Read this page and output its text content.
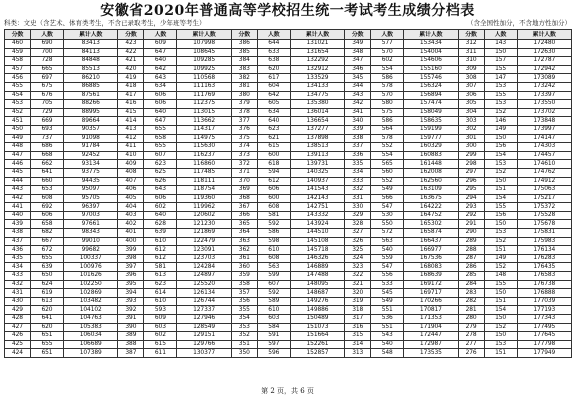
安徽省2020年普通高等学校招生统一考试考生成绩分档表
科类：文史（含艺术、体育类考生，不含已录取考生，少年班等考生）	（含全国性加分，不含地方性加分）
分数	人数	累计人数	分数	人数	累计人数	分数	人数	累计人数	分数	人数	累计人数	分数	人数	累计人数
460	690	83413	423	609	107998	386	644	131021	349	577	153434	312	143	172480
459	700	84113	422	647	108645	385	633	131654	348	570	154004	311	150	172630
458	728	84848	421	640	109285	384	638	132292	347	602	154606	310	157	172787
457	665	85513	420	642	109925	383	620	132912	346	554	155160	309	155	172942
456	697	86210	419	643	110568	382	617	133529	345	586	155746	308	147	173089
455	675	86885	418	634	111163	381	604	134133	344	578	156324	307	153	173242
454	676	87561	417	606	111769	380	642	134775	343	570	156894	306	155	173397
453	705	88266	416	606	112375	379	605	135380	342	580	157474	305	153	173550
452	729	88995	415	640	113015	378	634	136014	341	575	158049	304	152	173702
451	669	89664	414	647	113662	377	640	136654	340	586	158635	303	146	173848
450	693	90357	413	655	114317	376	623	137277	339	564	159199	302	149	173997
449	737	91098	412	658	114975	375	621	137898	338	578	159777	301	150	174147
448	686	91784	411	655	115630	374	615	138513	337	552	160329	300	156	174303
447	668	92452	410	607	116237	373	600	139113	336	554	160883	299	154	174457
446	662	93134	409	623	116860	372	618	139731	335	565	161448	298	153	174610
445	641	93775	408	625	117485	371	594	140325	334	560	162008	297	152	174762
444	660	94435	407	626	118111	370	612	140937	333	552	162560	296	150	174912
443	653	95097	406	643	118754	369	606	141543	332	549	163109	295	151	175063
442	608	95705	405	606	119360	368	600	142143	331	566	163675	294	154	175217
441	692	96397	404	602	119962	367	608	142751	330	547	164222	293	155	175372
440	606	97003	403	640	120602	366	581	143332	329	530	164752	292	156	175528
439	658	97661	402	628	121230	365	592	143924	328	550	165302	291	150	175678
438	682	98343	401	639	121869	364	586	144510	327	572	165874	290	153	175831
437	667	99010	400	610	122479	363	598	145108	326	563	166437	289	152	175983
436	672	99682	399	612	123091	362	610	145718	325	540	166977	288	151	176134
435	655	100337	398	612	123703	361	608	146326	324	559	167536	287	149	176283
434	639	100976	397	581	124284	360	563	146889	323	547	168083	286	152	176435
433	650	101626	396	613	124897	359	599	147488	322	556	168639	285	148	176583
432	624	102250	395	623	125520	358	607	148095	321	533	169172	284	155	176738
431	619	102869	394	614	126134	357	592	148687	320	545	169717	283	150	176888
430	613	103482	393	610	126744	356	589	149276	319	549	170266	282	151	177039
429	620	104102	392	593	127337	355	610	149886	318	551	170817	281	154	177193
428	641	104763	391	609	127946	354	603	150489	317	536	171353	280	150	177343
427	620	105383	390	603	128549	353	584	151073	316	551	171904	279	152	177495
426	651	106034	389	602	129151	352	591	151664	315	543	172447	278	150	177645
425	655	106689	388	615	129766	351	597	152261	314	540	172987	277	153	177798
424	651	107389	387	611	130377	350	596	152857	313	548	173535	276	151	177949
第 2 页，共 6 页
